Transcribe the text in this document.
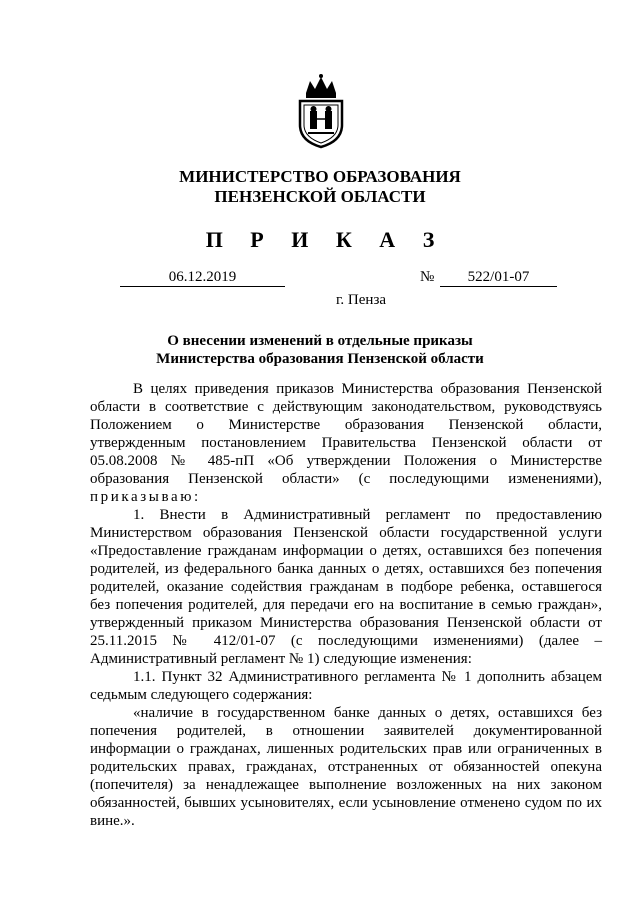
МИНИСТЕРСТВО ОБРАЗОВАНИЯ
ПЕНЗЕНСКОЙ ОБЛАСТИ
П Р И К А З
06.12.2019	№	522/01-07
г. Пенза
О внесении изменений в отдельные приказы
Министерства образования Пензенской области
В целях приведения приказов Министерства образования Пензенской
области в соответствие с действующим законодательством, руководствуясь
Положением о Министерстве образования Пензенской области,
утвержденным постановлением Правительства Пензенской области от
05.08.2008 № 485-пП «Об утверждении Положения о Министерстве
образования Пензенской области» (с последующими изменениями),
приказываю:
1. Внести в Административный регламент по предоставлению
Министерством образования Пензенской области государственной услуги
«Предоставление гражданам информации о детях, оставшихся без попечения
родителей, из федерального банка данных о детях, оставшихся без попечения
родителей, оказание содействия гражданам в подборе ребенка, оставшегося
без попечения родителей, для передачи его на воспитание в семью граждан»,
утвержденный приказом Министерства образования Пензенской области от
25.11.2015 № 412/01-07 (с последующими изменениями) (далее –
Административный регламент № 1) следующие изменения:
1.1. Пункт 32 Административного регламента № 1 дополнить абзацем
седьмым следующего содержания:
«наличие в государственном банке данных о детях, оставшихся без
попечения родителей, в отношении заявителей документированной
информации о гражданах, лишенных родительских прав или ограниченных в
родительских правах, гражданах, отстраненных от обязанностей опекуна
(попечителя) за ненадлежащее выполнение возложенных на них законом
обязанностей, бывших усыновителях, если усыновление отменено судом по их
вине.».
